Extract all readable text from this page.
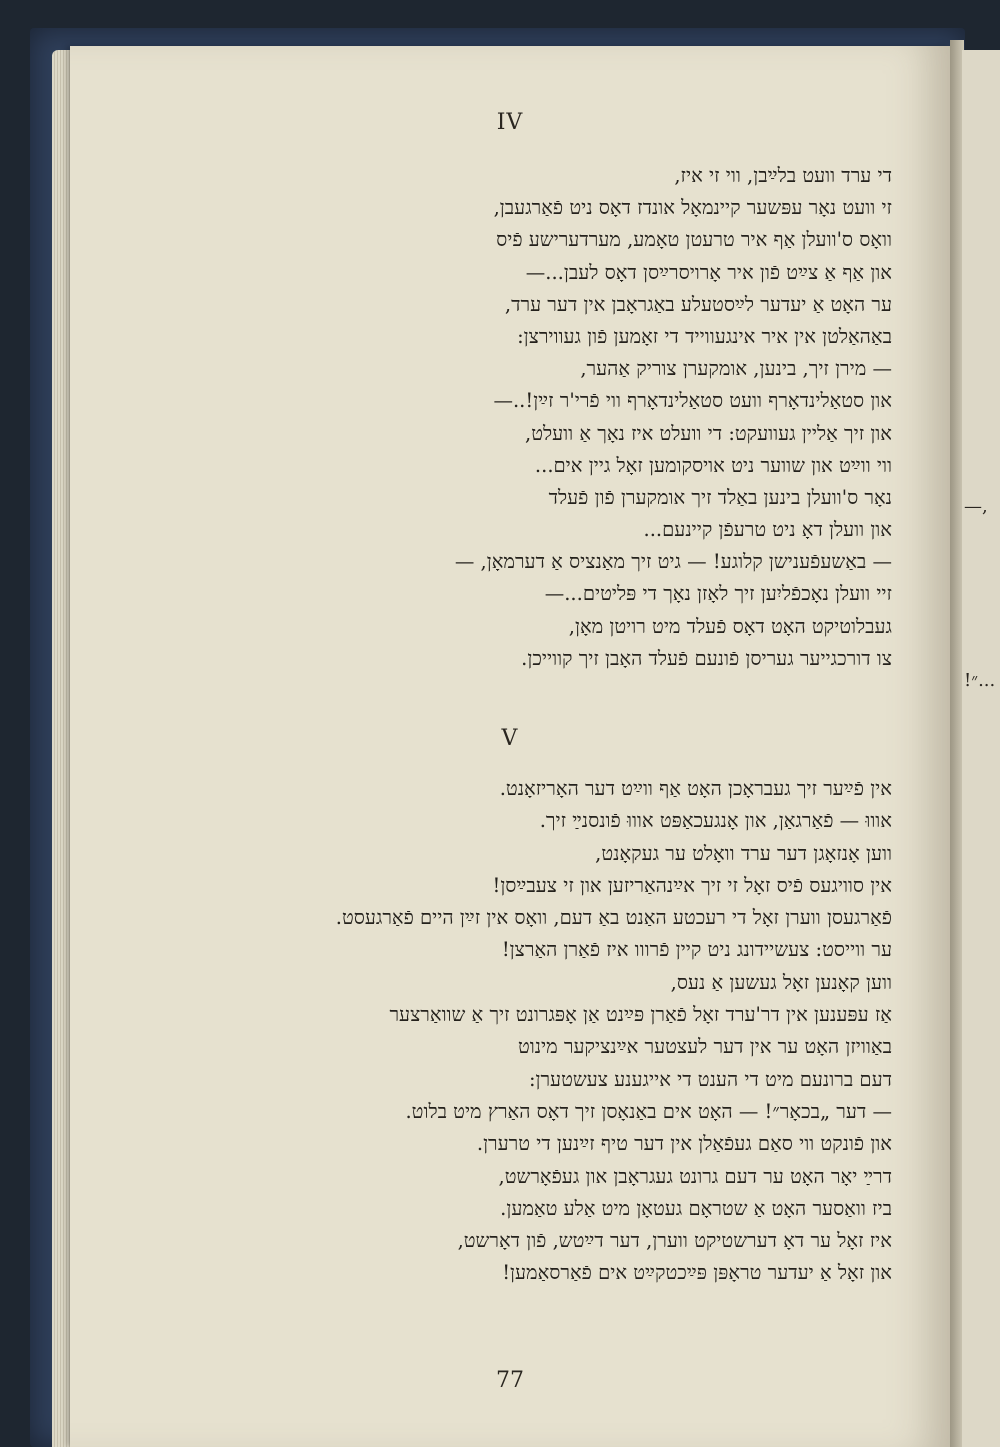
IV
די ערד וועט בלײַבן, ווי זי איז,
זי וועט נאָר עפּשער קיינמאָל אונדז דאָס ניט פֿאַרגעבן,
וואָס ס'וועלן אַף איר טרעטן טאָמע, מערדערישע פֿיס
און אַף אַ צײַט פֿון איר אָרויסרײַסן דאָס לעבן...—
ער האָט אַ יעדער לײַסטעלע באַגראָבן אין דער ערד,
באַהאַלטן אין איר אינגעווייד די זאָמען פֿון געווירצן:
— מירן זיך, בינען, אומקערן צוריק אַהער,
און סטאַלינדאָרף וועט סטאַלינדאָרף ווי פֿרי'ר זײַן!..—
און זיך אַליין געוועקט: די וועלט איז נאָך אַ וועלט,
ווי ווײַט און שווער ניט אויסקומען זאָל גיין אים...
נאָר ס'וועלן בינען באַלד זיך אומקערן פֿון פֿעלד
און וועלן דאָ ניט טרעפֿן קיינעם...
— באַשעפֿענישן קלוגע! — גיט זיך מאַנציס אַ דערמאָן, —
זיי וועלן נאָכפֿליִען זיך לאָזן נאָך די פּליטים...—
געבלוטיקט האָט דאָס פֿעלד מיט רויטן מאָן,
צו דורכגייער געריסן פֿונעם פֿעלד האָבן זיך קווייכן.
V
אין פֿײַער זיך געבראָכן האָט אַף ווײַט דער האָריזאָנט.
אוווּ — פֿאַרגאַן, און אָנגעכאַפּט אוווּ פֿונסנײַ זיך.
ווען אָנזאָגן דער ערד וואָלט ער געקאָנט,
אין סוויגעס פֿיס זאָל זי זיך אײַנהאַריזען און זי צעבײַסן!
פֿאַרגעסן ווערן זאָל די רעכטע האַנט באַ דעם, וואָס אין זײַן היים פֿאַרגעסט.
ער ווייסט: צעשיידונג ניט קיין פֿרווו איז פֿאַרן האַרצן!
ווען קאָנען זאָל געשען אַ נעס,
אַז עפּענען אין דר'ערד זאָל פֿאַרן פּײַנט אַן אָפּגרונט זיך אַ שוואַרצער
באַוויזן האָט ער אין דער לעצטער אײַנציקער מינוט
דעם ברונעם מיט די הענט די אייגענע צעשטערן:
— דער „בכאָר״! — האָט אים באַנאָסן זיך דאָס האַרץ מיט בלוט.
און פֿונקט ווי סאַם געפֿאַלן אין דער טיף זײַנען די טרערן.
דרײַ יאָר האָט ער דעם גרונט געגראָבן און געפֿאָרשט,
ביז וואַסער האָט אַ שטראָם געטאָן מיט אַלע טאַמען.
איז זאָל ער דאָ דערשטיקט ווערן, דער דײַטש, פֿון דאָרשט,
און זאָל אַ יעדער טראָפּן פּײַכטקײַט אים פֿאַרסאַמען!
77
—,
!״...
